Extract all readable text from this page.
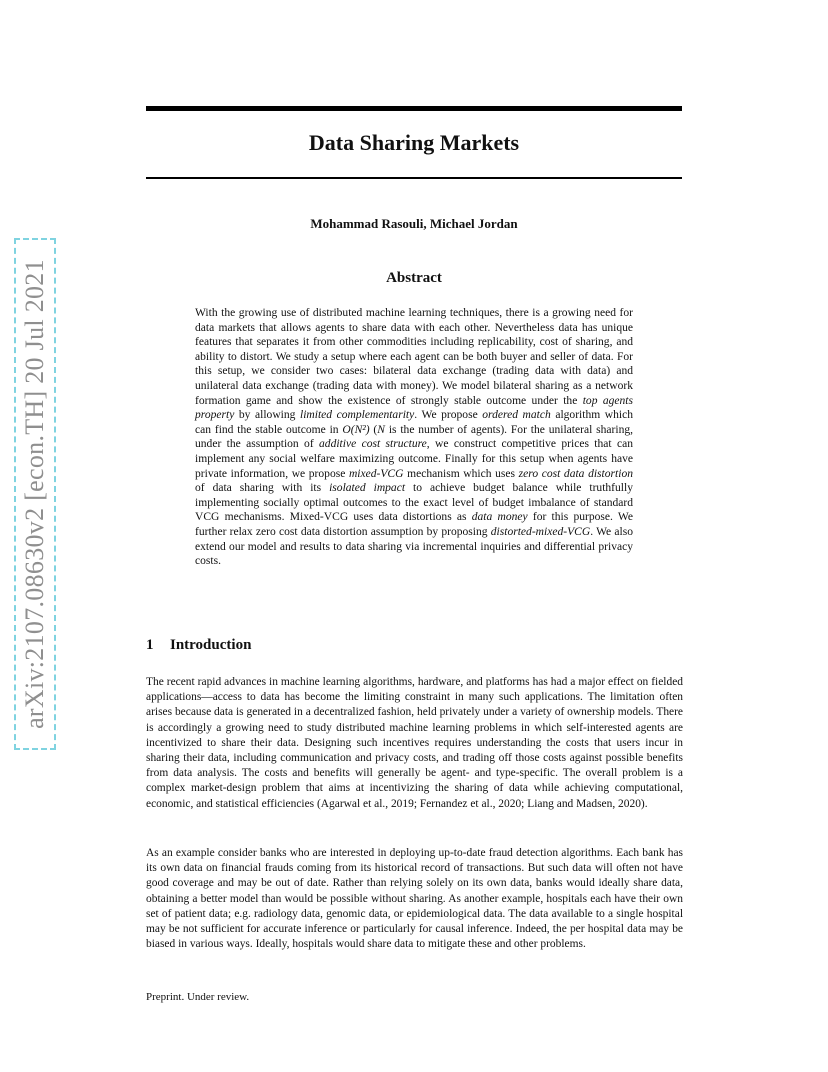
arXiv:2107.08630v2 [econ.TH] 20 Jul 2021
Data Sharing Markets
Mohammad Rasouli, Michael Jordan
Abstract

With the growing use of distributed machine learning techniques, there is a growing need for data markets that allows agents to share data with each other. Nevertheless data has unique features that separates it from other commodities including replicability, cost of sharing, and ability to distort. We study a setup where each agent can be both buyer and seller of data. For this setup, we consider two cases: bilateral data exchange (trading data with data) and unilateral data exchange (trading data with money). We model bilateral sharing as a network formation game and show the existence of strongly stable outcome under the top agents property by allowing limited complementarity. We propose ordered match algorithm which can find the stable outcome in O(N²) (N is the number of agents). For the unilateral sharing, under the assumption of additive cost structure, we construct competitive prices that can implement any social welfare maximizing outcome. Finally for this setup when agents have private information, we propose mixed-VCG mechanism which uses zero cost data distortion of data sharing with its isolated impact to achieve budget balance while truthfully implementing socially optimal outcomes to the exact level of budget imbalance of standard VCG mechanisms. Mixed-VCG uses data distortions as data money for this purpose. We further relax zero cost data distortion assumption by proposing distorted-mixed-VCG. We also extend our model and results to data sharing via incremental inquiries and differential privacy costs.

1 Introduction

The recent rapid advances in machine learning algorithms, hardware, and platforms has had a major effect on fielded applications—access to data has become the limiting constraint in many such applications. The limitation often arises because data is generated in a decentralized fashion, held privately under a variety of ownership models. There is accordingly a growing need to study distributed machine learning problems in which self-interested agents are incentivized to share their data. Designing such incentives requires understanding the costs that users incur in sharing their data, including communication and privacy costs, and trading off those costs against possible benefits from data analysis. The costs and benefits will generally be agent- and type-specific. The overall problem is a complex market-design problem that aims at incentivizing the sharing of data while achieving computational, economic, and statistical efficiencies (Agarwal et al., 2019; Fernandez et al., 2020; Liang and Madsen, 2020).

As an example consider banks who are interested in deploying up-to-date fraud detection algorithms. Each bank has its own data on financial frauds coming from its historical record of transactions. But such data will often not have good coverage and may be out of date. Rather than relying solely on its own data, banks would ideally share data, obtaining a better model than would be possible without sharing. As another example, hospitals each have their own set of patient data; e.g. radiology data, genomic data, or epidemiological data. The data available to a single hospital may be not sufficient for accurate inference or particularly for causal inference. Indeed, the per hospital data may be biased in various ways. Ideally, hospitals would share data to mitigate these and other problems.

Preprint. Under review.
